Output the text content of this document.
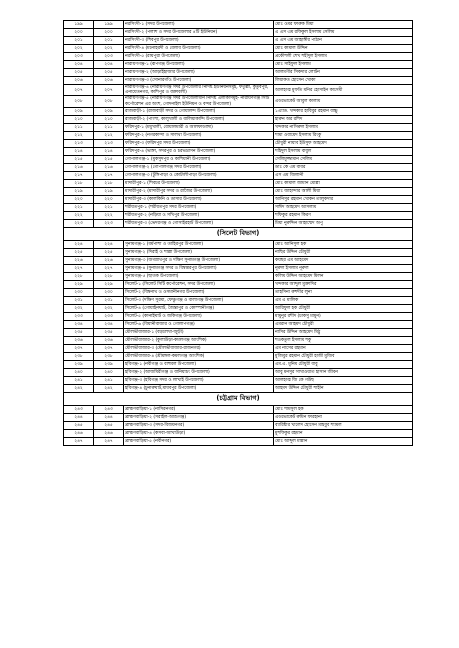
১৯৯	১৯৯	নরসিংদী-১ (সদর উপজেলা)	মোঃ ওমর ফারুক মিয়া
২০০	২০০	নরসিংদী-২ (পলাশ ও সদর উপজেলার ৪টি ইউনিয়ন)	এ এস এম রফিকুল ইসলাম সেলিম
২০১	২০১	নরসিংদী-৩ (শিবপুর উপজেলা)	এ এস এম জাহাঙ্গীর পাঠান
২০২	২০২	নরসিংদী-৪ (মনোহরদী ও বেলাব উপজেলা)	মোঃ কামাল উদ্দিন
২০৩	২০৩	নরসিংদী-৫ (রায়পুরা উপজেলা)	প্রকৌশলী শেখ শহীদুল ইসলাম
২০৪	২০৪	নারায়ণগঞ্জ-১ (রূপগঞ্জ উপজেলা)	মোঃ সাইফুল ইসলাম
২০৫	২০৫	নারায়ণগঞ্জ-২ (আড়াইহাজার উপজেলা)	আলমগীর সিকদার লোটন
২০৬	২০৬	নারায়ণগঞ্জ-৩ (সোনারগাঁও উপজেলা)	লিয়াকত হোসেন খোকা
২০৭	২০৭	নারায়ণগঞ্জ-৪ (নারায়ণগঞ্জ সদর উপজেলার নির্দিষ্ট ইউনিয়নসমূহ, ফতুল্লা, কুতুবপুর, এনায়েতনগর, কাশিপুর ও বক্তাবলী)	আলহাজ্ব মুফতি মনির হোসাইন কাসেমী
২০৮	২০৮	নারায়ণগঞ্জ-৫ (নারায়ণগঞ্জ সদর উপজেলাধীন নির্দিষ্ট এলাকাসমূহ- নারায়ণগঞ্জ সিটি কর্পোরেশন এর অংশ, গোদনাইল ইউনিয়ন ও বন্দর উপজেলা)	এডভোকেট আবুল কালাম
২০৯	২০৯	রাজবাড়ী-১ (রাজবাড়ী সদর ও গোয়ালন্দ উপজেলা)	১এ্যাড. খন্দকার হাবিবুর রহমান বাচ্চু
২১০	২১০	রাজবাড়ী-২ (পাংশা, কালুখালী ও বালিয়াকান্দি উপজেলা)	হারুন অর রশিদ
২১১	২১১	ফরিদপুর-১ (মধুখালী, বোয়ালমারী ও আলফাডাঙ্গা)	খন্দকার নাসিরুল ইসলাম
২১২	২১২	ফরিদপুর-২ (নগরকান্দা ও সালথা উপজেলা)	শামা ওবায়েদ ইসলাম রিংকু
২১৩	২১৩	ফরিদপুর-৩ (ফরিদপুর সদর উপজেলা)	চৌধুরী নায়াব ইউসুফ আহমেদ
২১৪	২১৪	ফরিদপুর-৪ (ভাঙ্গা, সদরপুর ও চরভদ্রাসন উপজেলা)	শহিদুল ইসলাম বাবুল
২১৫	২১৫	গোপালগঞ্জ-১ (মুকসুদপুর ও কাশিয়ানী উপজেলা)	সেলিমুজ্জামান সেলিম
২১৬	২১৬	গোপালগঞ্জ-২ (গোপালগঞ্জ সদর উপজেলা)	ডাঃ কে এম বাবর
২১৭	২১৭	গোপালগঞ্জ-৩ (টুঙ্গিপাড়া ও কোটালীপাড়া উপজেলা)	এস এম জিলানী
২১৮	২১৮	মাদারীপুর-১ (শিবচর উপজেলা)	মোঃ কামাল জামান মোল্লা
২১৯	২১৯	মাদারীপুর-২ (মাদারীপুর সদর ও রাজৈর উপজেলা)	মোঃ জাহান্দার আলী মিয়া
২২০	২২০	মাদারীপুর-৩ (কালকিনি ও ডাসার উপজেলা)	আনিসুর রহমান খোকন তালুকদার
২২১	২২১	শরীয়তপুর-১ (শরীয়তপুর সদর উপজেলা)	সাঈদ আহমেদ আসলাম
২২২	২২২	শরীয়তপুর-২ (নড়িয়া ও সখিপুর উপজেলা)	শফিকুর রহমান কিরণ
২২৩	২২৩	শরীয়তপুর-৩ (ভেদরগঞ্জ ও গোসাইরহাট উপজেলা)	মিয়া নুরুদ্দিন আহাম্মেদ অপু
(সিলেট বিভাগ)			
২২৪	২২৪	সুনামগঞ্জ-১ (ধর্মপাশা ও তাহিরপুর উপজেলা)	মোঃ আনিসুল হক
২২৫	২২৫	সুনামগঞ্জ-২ (দিরাই ও শাল্লা উপজেলা)	নাছির উদ্দিন চৌধুরী
২২৬	২২৬	সুনামগঞ্জ-৩ (জগন্নাথপুর ও দক্ষিণ সুনামগঞ্জ উপজেলা)	কয়ছর এম আহমেদ
২২৭	২২৭	সুনামগঞ্জ-৪ (সুনামগঞ্জ সদর ও বিশ্বম্ভরপুর উপজেলা)	নূরুল ইসলাম নূরুল
২২৮	২২৮	সুনামগঞ্জ-৫ (ছাতক উপজেলা)	কলিম উদ্দিন আহমেদ মিলন
২২৯	২২৯	সিলেট-১ (সিলেট সিটি কর্পোরেশন, সদর উপজেলা)	খন্দকার আব্দুল মুক্তাদির
২৩০	২৩০	সিলেট-২ (বিশ্বনাথ ও ওসমানীনগর উপজেলা)	তাহসিনা রুশদীর লুনা
২৩১	২৩১	সিলেট-৩ (দক্ষিণ সুরমা, ফেঞ্চুগঞ্জ ও বালাগঞ্জ উপজেলা)	এম এ মালিক
২৩২	২৩২	সিলেট-৪ (গোয়াইনঘাট, জৈন্তাপুর ও কোম্পানীগঞ্জ)	আরিফুল হক চৌধুরী
২৩৩	২৩৩	সিলেট-৫ (কানাইঘাট ও জকিগঞ্জ উপজেলা)	মামুনুর রশীদ (চাকসু মামুন)
২৩৪	২৩৪	সিলেট-৬ (বিয়ানীবাজার ও গোলাপগঞ্জ)	এমরান আহমদ চৌধুরী
২৩৫	২৩৫	মৌলভীবাজার-১ (বড়লেখা-জুড়ী)	নাসির উদ্দিন আহমেদ মিঠু
২৩৬	২৩৬	মৌলভীবাজার-২ (কুলাউড়া-কমলগঞ্জ আংশিক)	শওকতুল ইসলাম শকু
২৩৭	২৩৭	মৌলভীবাজার-৩ (মৌলভীবাজার-রাজনগর)	এম নাসের রহমান
২৩৮	২৩৮	মৌলভীবাজার-৪ (শ্রীমঙ্গল-কমলগঞ্জ আংশিক)	মুজিবুর রহমান চৌধুরী হাজী মুজিব
২৩৯	২৩৯	হবিগঞ্জ-১ (নবীগঞ্জ ও বাহুবল উপজেলা)	এম.এ. মুনিম চৌধুরী বাবু
২৪০	২৪০	হবিগঞ্জ-২ (আজমিরীগঞ্জ ও বানিয়াচং উপজেলা)	আবু মনসুর সাখাওয়াত হাসান জীবন
২৪১	২৪১	হবিগঞ্জ-৩ (হবিগঞ্জ সদর ও লাখাই উপজেলা)	আলহাজ্ব জি কে গউছ
২৪২	২৪২	হবিগঞ্জ-৪ (চুনারুঘাট,মাধবপুর উপজেলা)	আহমদ উদ্দিন চৌধুরী শাহীন
(চট্টগ্রাম বিভাগ)			
২৪৩	২৪৩	ব্রাহ্মণবাড়িয়া-১ (নাসিরনগর)	মোঃ শামসুল হক
২৪৪	২৪৪	ব্রাহ্মণবাড়িয়া-২ (সরাইল-আশুগঞ্জ)	এডভোকেট রুমিন ফারহানা
২৪৫	২৪৫	ব্রাহ্মণবাড়িয়া-৩ (সদর-বিজয়নগর)	ব্যারিষ্টার খালেদ হোসেন মাহবুব শ্যামল
২৪৬	২৪৬	ব্রাহ্মণবাড়িয়া-৪ (কসবা-আখাউড়া)	মুশফিকুর রহমান
২৪৭	২৪৭	ব্রাহ্মণবাড়িয়া-৫ (নবীনগর)	মোঃ আব্দুল মান্নান
